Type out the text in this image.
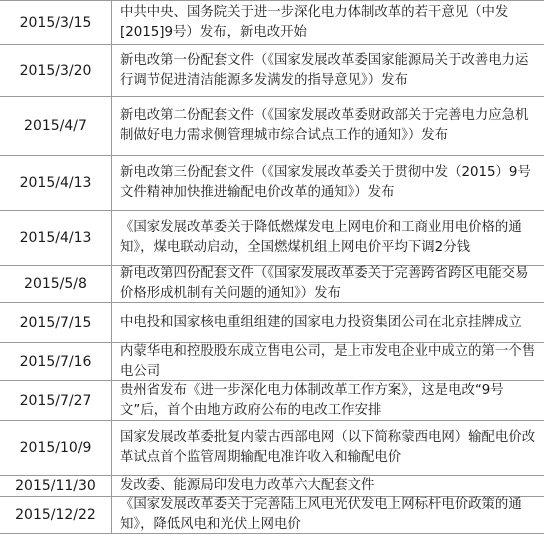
2015/3/15
中共中央、国务院关于进一步深化电力体制改革的若干意见（中发[2015]9号）发布，新电改开始
2015/3/20
新电改第一份配套文件（《国家发展改革委国家能源局关于改善电力运行调节促进清洁能源多发满发的指导意见》）发布
2015/4/7
新电改第二份配套文件（《国家发展改革委财政部关于完善电力应急机制做好电力需求侧管理城市综合试点工作的通知》）发布
2015/4/13
新电改第三份配套文件（《国家发展改革委关于贯彻中发（2015）9号文件精神加快推进输配电价改革的通知》）发布
2015/4/13
《国家发展改革委关于降低燃煤发电上网电价和工商业用电价格的通知》，煤电联动启动，全国燃煤机组上网电价平均下调2分钱
2015/5/8
新电改第四份配套文件（《国家发展改革委关于完善跨省跨区电能交易价格形成机制有关问题的通知》）发布
2015/7/15	中电投和国家核电重组组建的国家电力投资集团公司在北京挂牌成立
2015/7/16
内蒙华电和控股股东成立售电公司，是上市发电企业中成立的第一个售电公司
2015/7/27
贵州省发布《进一步深化电力体制改革工作方案》，这是电改“9号文”后，首个由地方政府公布的电改工作安排
2015/10/9
国家发展改革委批复内蒙古西部电网（以下简称蒙西电网）输配电价改革试点首个监管周期输配电准许收入和输配电价
2015/11/30	发改委、能源局印发电力改革六大配套文件
2015/12/22
《国家发展改革委关于完善陆上风电光伏发电上网标杆电价政策的通知》，降低风电和光伏上网电价
